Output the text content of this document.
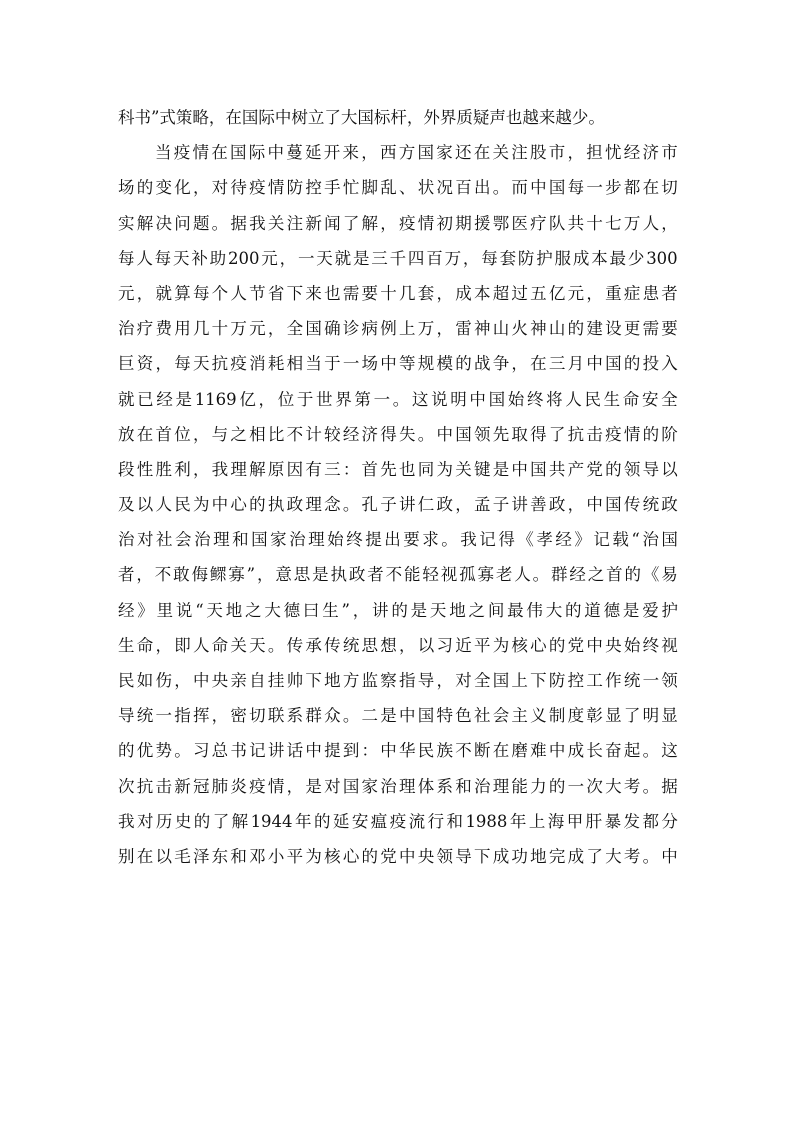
科书”式策略，在国际中树立了大国标杆，外界质疑声也越来越少。
当 疫 情 在 国 际 中 蔓 延 开 来 ， 西 方 国 家 还 在 关 注 股 市 ， 担 忧 经 济 市
场 的 变 化 ， 对 待 疫 情 防 控 手 忙 脚 乱 、 状 况 百 出 。 而 中 国 每 一 步 都 在 切
实 解 决 问 题 。 据 我 关 注 新 闻 了 解 ， 疫 情 初 期 援 鄂 医 疗 队 共 十 七 万 人 ，
每 人 每 天 补 助 200 元 ， 一 天 就 是 三 千 四 百 万 ， 每 套 防 护 服 成 本 最 少 300
元 ， 就 算 每 个 人 节 省 下 来 也 需 要 十 几 套 ， 成 本 超 过 五 亿 元 ， 重 症 患 者
治 疗 费 用 几 十 万 元 ， 全 国 确 诊 病 例 上 万 ， 雷 神 山 火 神 山 的 建 设 更 需 要
巨 资 ， 每 天 抗 疫 消 耗 相 当 于 一 场 中 等 规 模 的 战 争 ， 在 三 月 中 国 的 投 入
就 已 经 是 1169 亿 ， 位 于 世 界 第 一 。 这 说 明 中 国 始 终 将 人 民 生 命 安 全
放 在 首 位 ， 与 之 相 比 不 计 较 经 济 得 失 。 中 国 领 先 取 得 了 抗 击 疫 情 的 阶
段 性 胜 利 ， 我 理 解 原 因 有 三 ： 首 先 也 同 为 关 键 是 中 国 共 产 党 的 领 导 以
及 以 人 民 为 中 心 的 执 政 理 念 。 孔 子 讲 仁 政 ， 孟 子 讲 善 政 ， 中 国 传 统 政
治 对 社 会 治 理 和 国 家 治 理 始 终 提 出 要 求 。 我 记 得 《 孝 经 》 记 载 “ 治 国
者 ， 不 敢 侮 鳏 寡 ” ， 意 思 是 执 政 者 不 能 轻 视 孤 寡 老 人 。 群 经 之 首 的 《 易
经 》 里 说 “ 天 地 之 大 德 曰 生 ” ， 讲 的 是 天 地 之 间 最 伟 大 的 道 德 是 爱 护
生 命 ， 即 人 命 关 天 。 传 承 传 统 思 想 ， 以 习 近 平 为 核 心 的 党 中 央 始 终 视
民 如 伤 ， 中 央 亲 自 挂 帅 下 地 方 监 察 指 导 ， 对 全 国 上 下 防 控 工 作 统 一 领
导 统 一 指 挥 ， 密 切 联 系 群 众 。 二 是 中 国 特 色 社 会 主 义 制 度 彰 显 了 明 显
的 优 势 。 习 总 书 记 讲 话 中 提 到 ： 中 华 民 族 不 断 在 磨 难 中 成 长 奋 起 。 这
次 抗 击 新 冠 肺 炎 疫 情 ， 是 对 国 家 治 理 体 系 和 治 理 能 力 的 一 次 大 考 。 据
我 对 历 史 的 了 解 1944 年 的 延 安 瘟 疫 流 行 和 1988 年 上 海 甲 肝 暴 发 都 分
别 在 以 毛 泽 东 和 邓 小 平 为 核 心 的 党 中 央 领 导 下 成 功 地 完 成 了 大 考 。 中
